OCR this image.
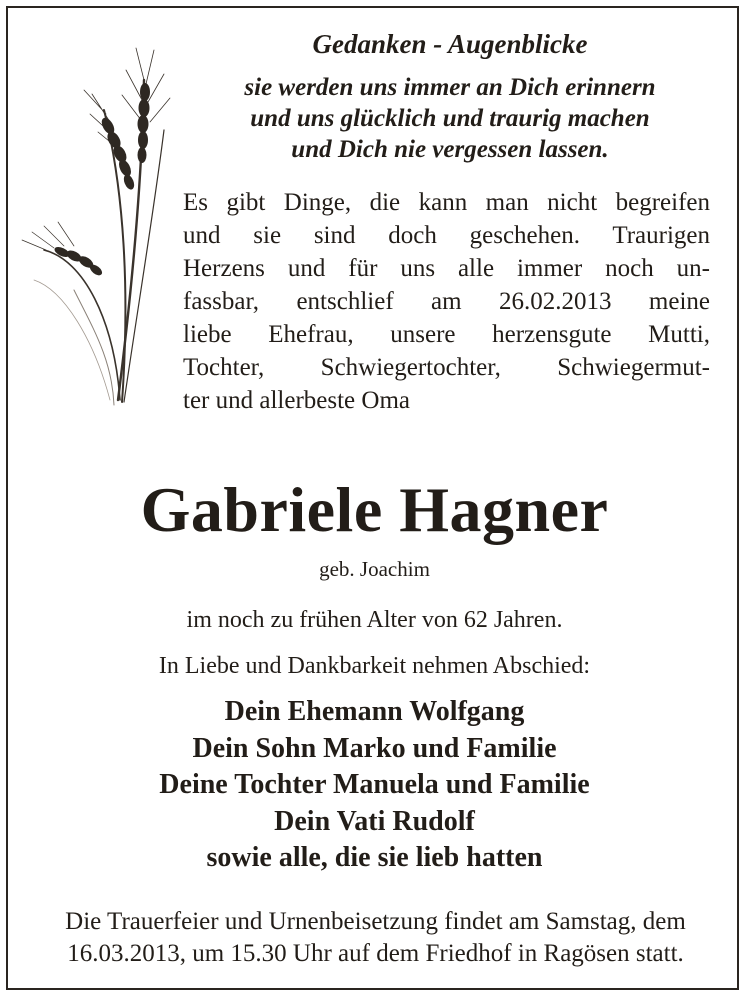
Gedanken - Augenblicke
sie werden uns immer an Dich erinnern
und uns glücklich und traurig machen
und Dich nie vergessen lassen.
Es gibt Dinge, die kann man nicht begreifen
und sie sind doch geschehen. Traurigen
Herzens und für uns alle immer noch un-
fassbar, entschlief am 26.02.2013 meine
liebe Ehefrau, unsere herzensgute Mutti,
Tochter, Schwiegertochter, Schwiegermut-
ter und allerbeste Oma
Gabriele Hagner
geb. Joachim
im noch zu frühen Alter von 62 Jahren.
In Liebe und Dankbarkeit nehmen Abschied:
Dein Ehemann Wolfgang
Dein Sohn Marko und Familie
Deine Tochter Manuela und Familie
Dein Vati Rudolf
sowie alle, die sie lieb hatten
Die Trauerfeier und Urnenbeisetzung findet am Samstag, dem
16.03.2013, um 15.30 Uhr auf dem Friedhof in Ragösen statt.
